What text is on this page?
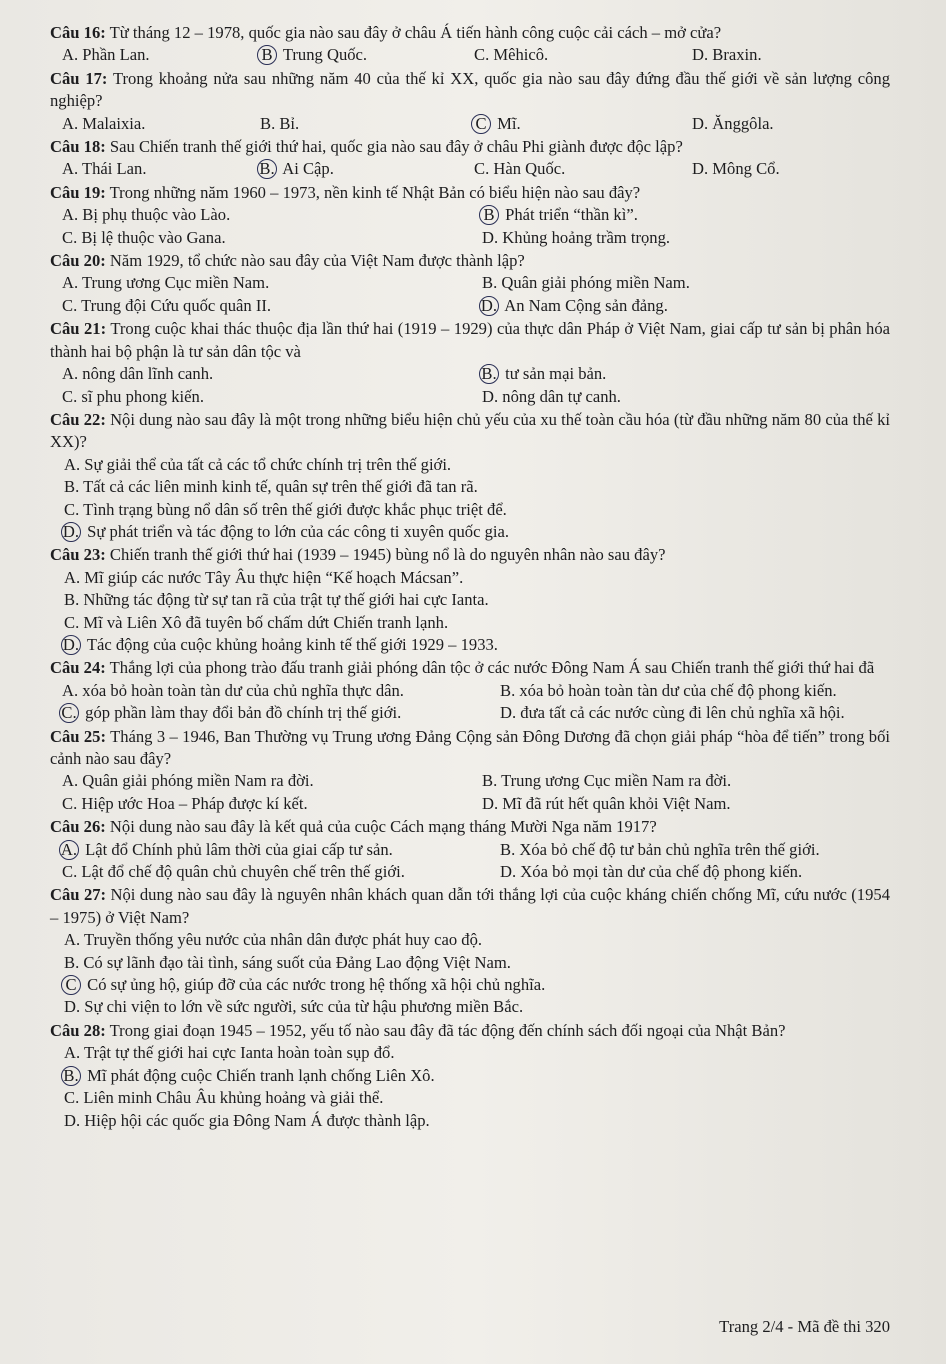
Câu 16: Từ tháng 12 – 1978, quốc gia nào sau đây ở châu Á tiến hành công cuộc cải cách – mở cửa?
A. Phần Lan.	B Trung Quốc.	C. Mêhicô.	D. Braxin.
Câu 17: Trong khoảng nửa sau những năm 40 của thế kỉ XX, quốc gia nào sau đây đứng đầu thế giới về sản lượng công nghiệp?
A. Malaixia.	B. Bỉ.	C Mĩ.	D. Ănggôla.
Câu 18: Sau Chiến tranh thế giới thứ hai, quốc gia nào sau đây ở châu Phi giành được độc lập?
A. Thái Lan.	B. Ai Cập.	C. Hàn Quốc.	D. Mông Cổ.
Câu 19: Trong những năm 1960 – 1973, nền kinh tế Nhật Bản có biểu hiện nào sau đây?
A. Bị phụ thuộc vào Lào.	B Phát triển “thần kì”.
C. Bị lệ thuộc vào Gana.	D. Khủng hoảng trầm trọng.
Câu 20: Năm 1929, tổ chức nào sau đây của Việt Nam được thành lập?
A. Trung ương Cục miền Nam.	B. Quân giải phóng miền Nam.
C. Trung đội Cứu quốc quân II.	D. An Nam Cộng sản đảng.
Câu 21: Trong cuộc khai thác thuộc địa lần thứ hai (1919 – 1929) của thực dân Pháp ở Việt Nam, giai cấp tư sản bị phân hóa thành hai bộ phận là tư sản dân tộc và
A. nông dân lĩnh canh.	B. tư sản mại bản.
C. sĩ phu phong kiến.	D. nông dân tự canh.
Câu 22: Nội dung nào sau đây là một trong những biểu hiện chủ yếu của xu thế toàn cầu hóa (từ đầu những năm 80 của thế kỉ XX)?
A. Sự giải thể của tất cả các tổ chức chính trị trên thế giới.
B. Tất cả các liên minh kinh tế, quân sự trên thế giới đã tan rã.
C. Tình trạng bùng nổ dân số trên thế giới được khắc phục triệt để.
D. Sự phát triển và tác động to lớn của các công ti xuyên quốc gia.
Câu 23: Chiến tranh thế giới thứ hai (1939 – 1945) bùng nổ là do nguyên nhân nào sau đây?
A. Mĩ giúp các nước Tây Âu thực hiện “Kế hoạch Mácsan”.
B. Những tác động từ sự tan rã của trật tự thế giới hai cực Ianta.
C. Mĩ và Liên Xô đã tuyên bố chấm dứt Chiến tranh lạnh.
D. Tác động của cuộc khủng hoảng kinh tế thế giới 1929 – 1933.
Câu 24: Thắng lợi của phong trào đấu tranh giải phóng dân tộc ở các nước Đông Nam Á sau Chiến tranh thế giới thứ hai đã
A. xóa bỏ hoàn toàn tàn dư của chủ nghĩa thực dân.	B. xóa bỏ hoàn toàn tàn dư của chế độ phong kiến.
C. góp phần làm thay đổi bản đồ chính trị thế giới.	D. đưa tất cả các nước cùng đi lên chủ nghĩa xã hội.
Câu 25: Tháng 3 – 1946, Ban Thường vụ Trung ương Đảng Cộng sản Đông Dương đã chọn giải pháp “hòa để tiến” trong bối cảnh nào sau đây?
A. Quân giải phóng miền Nam ra đời.	B. Trung ương Cục miền Nam ra đời.
C. Hiệp ước Hoa – Pháp được kí kết.	D. Mĩ đã rút hết quân khỏi Việt Nam.
Câu 26: Nội dung nào sau đây là kết quả của cuộc Cách mạng tháng Mười Nga năm 1917?
A. Lật đổ Chính phủ lâm thời của giai cấp tư sản.	B. Xóa bỏ chế độ tư bản chủ nghĩa trên thế giới.
C. Lật đổ chế độ quân chủ chuyên chế trên thế giới.	D. Xóa bỏ mọi tàn dư của chế độ phong kiến.
Câu 27: Nội dung nào sau đây là nguyên nhân khách quan dẫn tới thắng lợi của cuộc kháng chiến chống Mĩ, cứu nước (1954 – 1975) ở Việt Nam?
A. Truyền thống yêu nước của nhân dân được phát huy cao độ.
B. Có sự lãnh đạo tài tình, sáng suốt của Đảng Lao động Việt Nam.
C Có sự ủng hộ, giúp đỡ của các nước trong hệ thống xã hội chủ nghĩa.
D. Sự chi viện to lớn về sức người, sức của từ hậu phương miền Bắc.
Câu 28: Trong giai đoạn 1945 – 1952, yếu tố nào sau đây đã tác động đến chính sách đối ngoại của Nhật Bản?
A. Trật tự thế giới hai cực Ianta hoàn toàn sụp đổ.
B. Mĩ phát động cuộc Chiến tranh lạnh chống Liên Xô.
C. Liên minh Châu Âu khủng hoảng và giải thể.
D. Hiệp hội các quốc gia Đông Nam Á được thành lập.
Trang 2/4 - Mã đề thi 320
